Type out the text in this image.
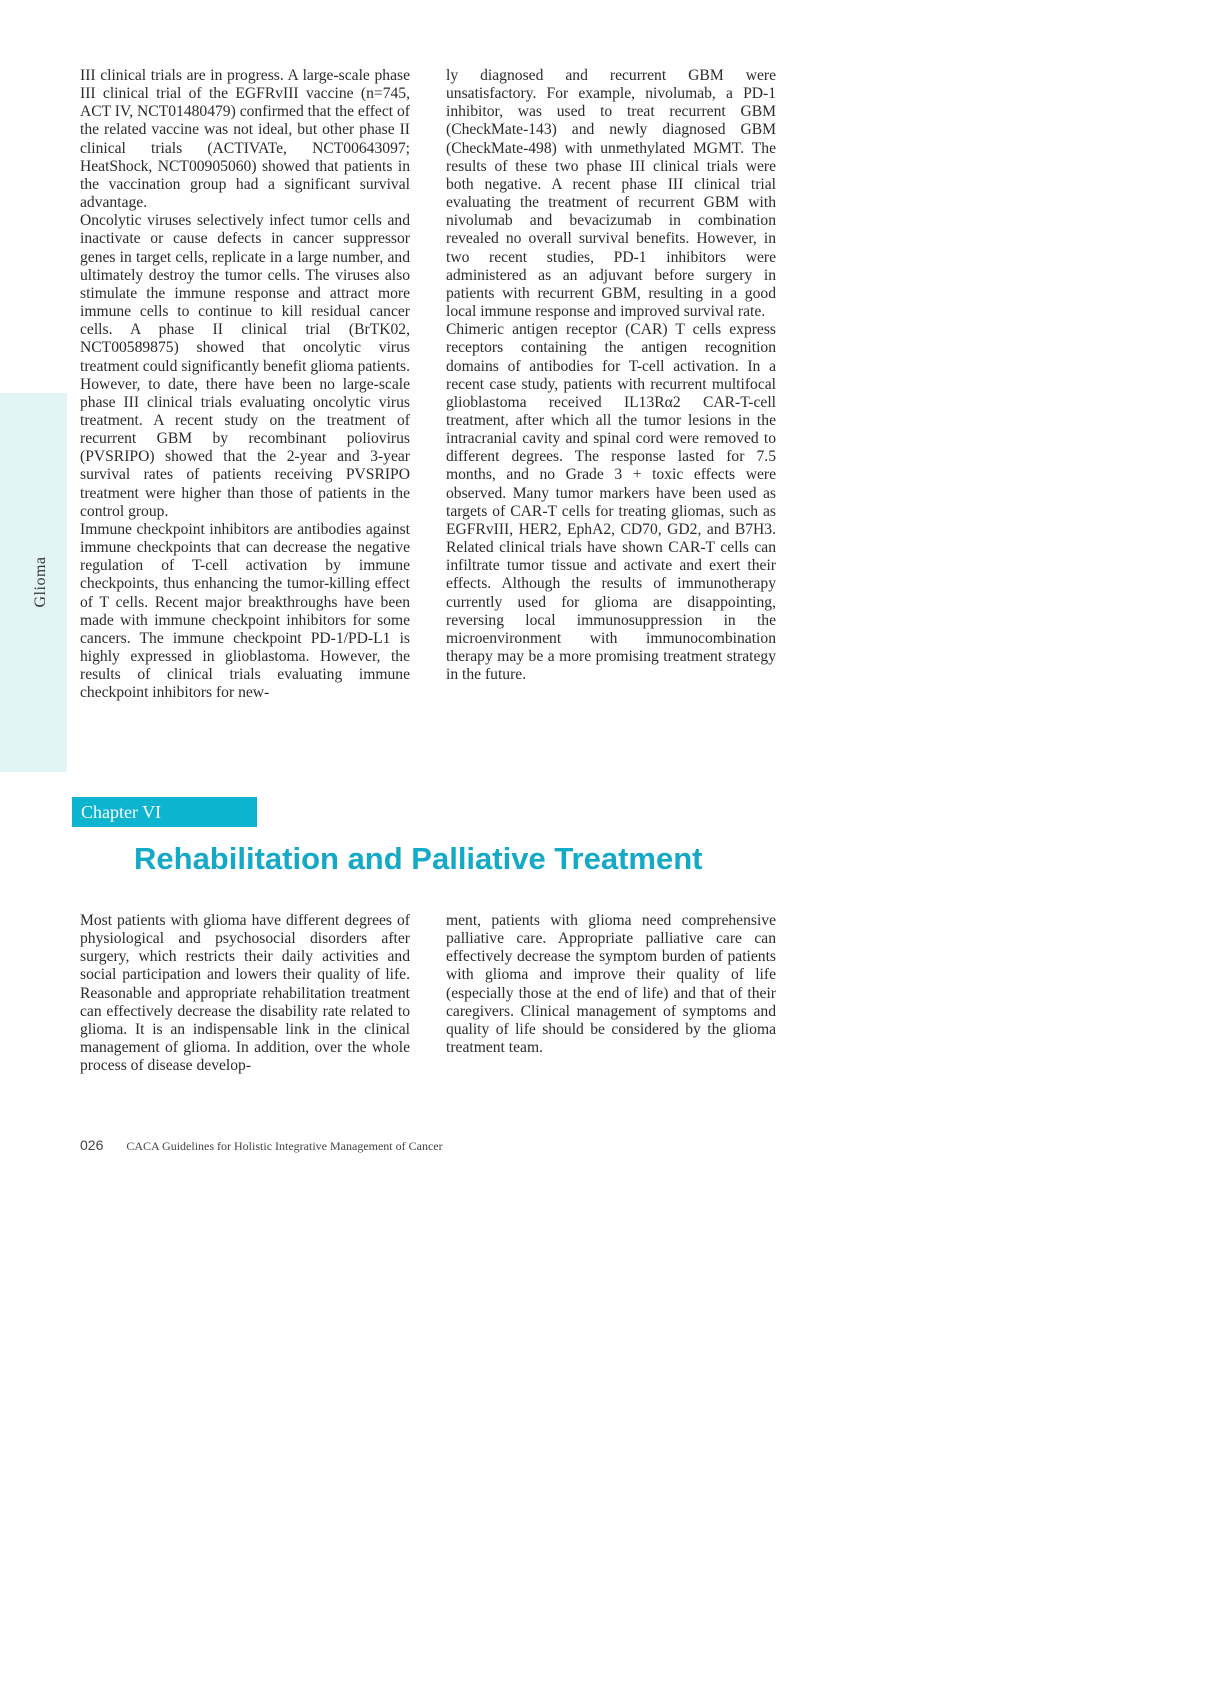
Glioma

III clinical trials are in progress. A large-scale phase III clinical trial of the EGFRvIII vaccine (n=745, ACT IV, NCT01480479) confirmed that the effect of the related vaccine was not ideal, but other phase II clinical trials (ACTIVATe, NCT00643097; HeatShock, NCT00905060) showed that patients in the vaccination group had a significant survival advantage.

Oncolytic viruses selectively infect tumor cells and inactivate or cause defects in cancer suppressor genes in target cells, replicate in a large number, and ultimately destroy the tumor cells. The viruses also stimulate the immune response and attract more immune cells to continue to kill residual cancer cells. A phase II clinical trial (BrTK02, NCT00589875) showed that oncolytic virus treatment could significantly benefit glioma patients. However, to date, there have been no large-scale phase III clinical trials evaluating oncolytic virus treatment. A recent study on the treatment of recurrent GBM by recombinant poliovirus (PVSRIPO) showed that the 2-year and 3-year survival rates of patients receiving PVSRIPO treatment were higher than those of patients in the control group.

Immune checkpoint inhibitors are antibodies against immune checkpoints that can decrease the negative regulation of T-cell activation by immune checkpoints, thus enhancing the tumor-killing effect of T cells. Recent major breakthroughs have been made with immune checkpoint inhibitors for some cancers. The immune checkpoint PD-1/PD-L1 is highly expressed in glioblastoma. However, the results of clinical trials evaluating immune checkpoint inhibitors for new-

ly diagnosed and recurrent GBM were unsatisfactory. For example, nivolumab, a PD-1 inhibitor, was used to treat recurrent GBM (CheckMate-143) and newly diagnosed GBM (CheckMate-498) with unmethylated MGMT. The results of these two phase III clinical trials were both negative. A recent phase III clinical trial evaluating the treatment of recurrent GBM with nivolumab and bevacizumab in combination revealed no overall survival benefits. However, in two recent studies, PD-1 inhibitors were administered as an adjuvant before surgery in patients with recurrent GBM, resulting in a good local immune response and improved survival rate.

Chimeric antigen receptor (CAR) T cells express receptors containing the antigen recognition domains of antibodies for T-cell activation. In a recent case study, patients with recurrent multifocal glioblastoma received IL13Rα2 CAR-T-cell treatment, after which all the tumor lesions in the intracranial cavity and spinal cord were removed to different degrees. The response lasted for 7.5 months, and no Grade 3 + toxic effects were observed. Many tumor markers have been used as targets of CAR-T cells for treating gliomas, such as EGFRvIII, HER2, EphA2, CD70, GD2, and B7H3. Related clinical trials have shown CAR-T cells can infiltrate tumor tissue and activate and exert their effects. Although the results of immunotherapy currently used for glioma are disappointing, reversing local immunosuppression in the microenvironment with immunocombination therapy may be a more promising treatment strategy in the future.

Chapter VI
Rehabilitation and Palliative Treatment

Most patients with glioma have different degrees of physiological and psychosocial disorders after surgery, which restricts their daily activities and social participation and lowers their quality of life. Reasonable and appropriate rehabilitation treatment can effectively decrease the disability rate related to glioma. It is an indispensable link in the clinical management of glioma. In addition, over the whole process of disease develop-

ment, patients with glioma need comprehensive palliative care. Appropriate palliative care can effectively decrease the symptom burden of patients with glioma and improve their quality of life (especially those at the end of life) and that of their caregivers. Clinical management of symptoms and quality of life should be considered by the glioma treatment team.

026 CACA Guidelines for Holistic Integrative Management of Cancer
